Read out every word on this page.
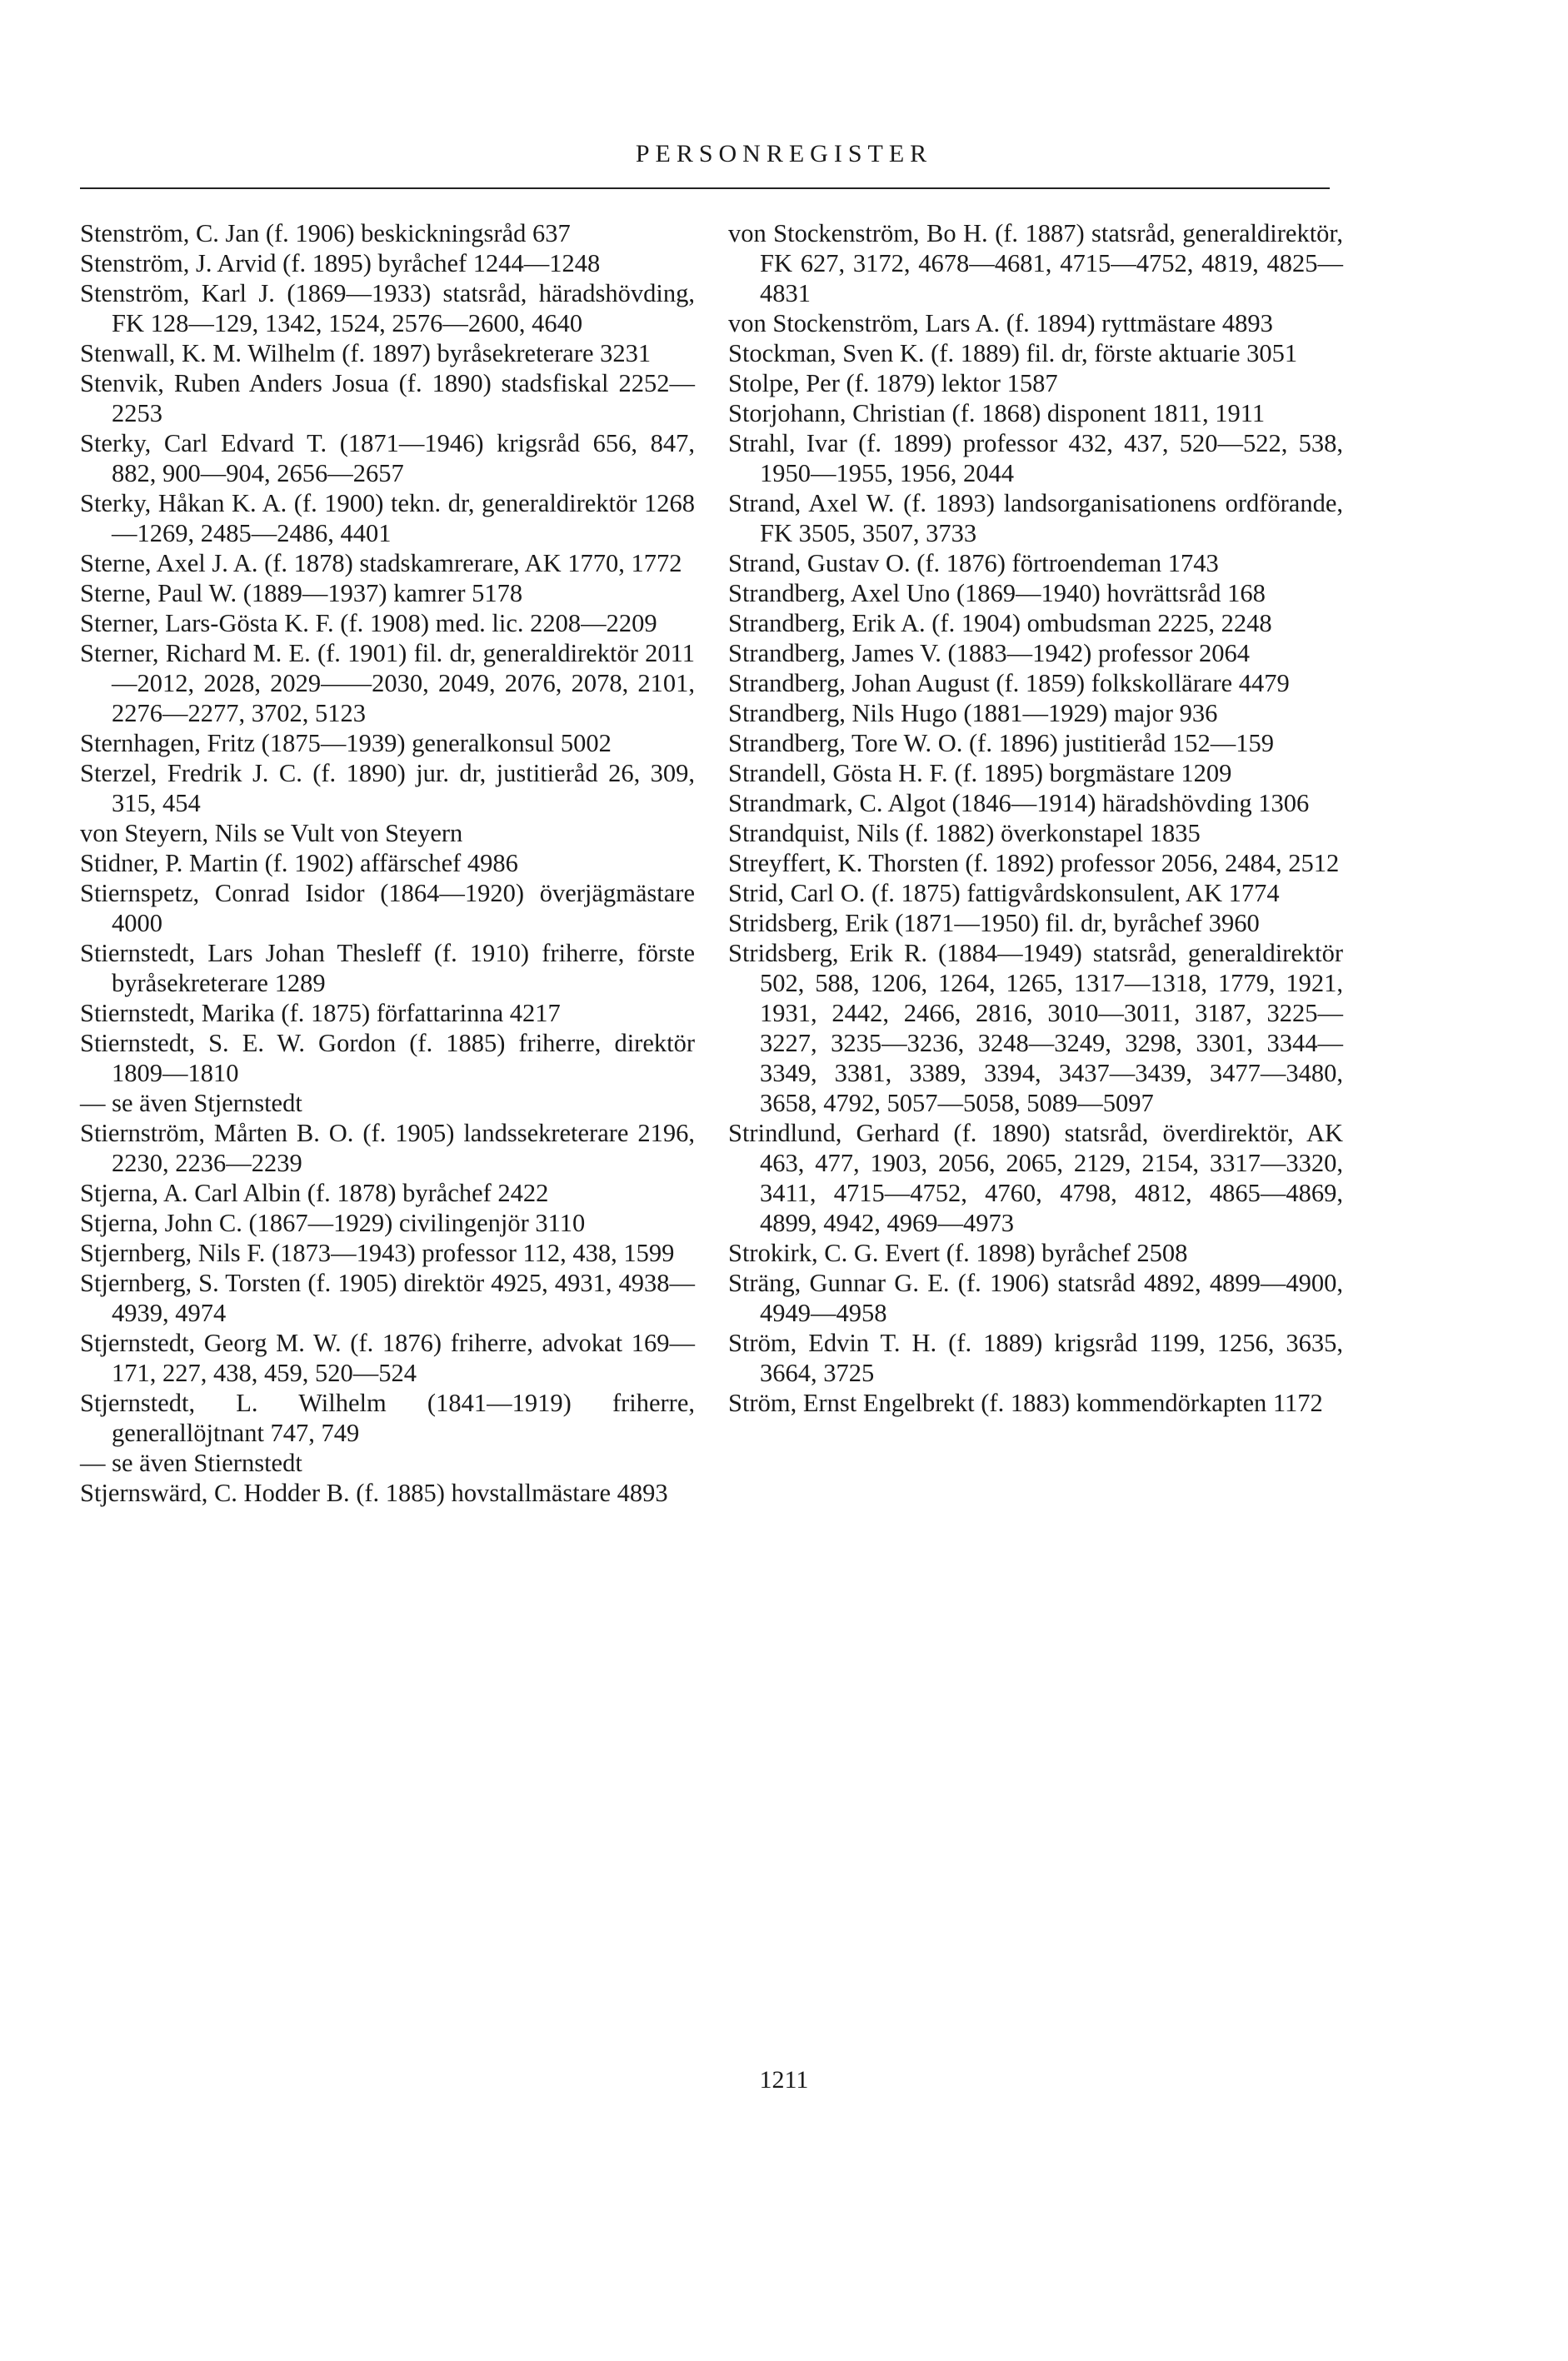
PERSONREGISTER

Stenström, C. Jan (f. 1906) beskickningsråd 637

Stenström, J. Arvid (f. 1895) byråchef 1244—1248

Stenström, Karl J. (1869—1933) statsråd, häradshövding, FK 128—129, 1342, 1524, 2576—2600, 4640

Stenwall, K. M. Wilhelm (f. 1897) byråsekreterare 3231

Stenvik, Ruben Anders Josua (f. 1890) stadsfiskal 2252—2253

Sterky, Carl Edvard T. (1871—1946) krigsråd 656, 847, 882, 900—904, 2656—2657

Sterky, Håkan K. A. (f. 1900) tekn. dr, generaldirektör 1268—1269, 2485—2486, 4401

Sterne, Axel J. A. (f. 1878) stadskamrerare, AK 1770, 1772

Sterne, Paul W. (1889—1937) kamrer 5178

Sterner, Lars-Gösta K. F. (f. 1908) med. lic. 2208—2209

Sterner, Richard M. E. (f. 1901) fil. dr, generaldirektör 2011—2012, 2028, 2029——2030, 2049, 2076, 2078, 2101, 2276—2277, 3702, 5123

Sternhagen, Fritz (1875—1939) generalkonsul 5002

Sterzel, Fredrik J. C. (f. 1890) jur. dr, justitieråd 26, 309, 315, 454

von Steyern, Nils se Vult von Steyern

Stidner, P. Martin (f. 1902) affärschef 4986

Stiernspetz, Conrad Isidor (1864—1920) överjägmästare 4000

Stiernstedt, Lars Johan Thesleff (f. 1910) friherre, förste byråsekreterare 1289

Stiernstedt, Marika (f. 1875) författarinna 4217

Stiernstedt, S. E. W. Gordon (f. 1885) friherre, direktör 1809—1810

— se även Stjernstedt

Stiernström, Mårten B. O. (f. 1905) landssekreterare 2196, 2230, 2236—2239

Stjerna, A. Carl Albin (f. 1878) byråchef 2422

Stjerna, John C. (1867—1929) civilingenjör 3110

Stjernberg, Nils F. (1873—1943) professor 112, 438, 1599

Stjernberg, S. Torsten (f. 1905) direktör 4925, 4931, 4938—4939, 4974

Stjernstedt, Georg M. W. (f. 1876) friherre, advokat 169—171, 227, 438, 459, 520—524

Stjernstedt, L. Wilhelm (1841—1919) friherre, generallöjtnant 747, 749

— se även Stiernstedt

Stjernswärd, C. Hodder B. (f. 1885) hovstallmästare 4893

von Stockenström, Bo H. (f. 1887) statsråd, generaldirektör, FK 627, 3172, 4678—4681, 4715—4752, 4819, 4825—4831

von Stockenström, Lars A. (f. 1894) ryttmästare 4893

Stockman, Sven K. (f. 1889) fil. dr, förste aktuarie 3051

Stolpe, Per (f. 1879) lektor 1587

Storjohann, Christian (f. 1868) disponent 1811, 1911

Strahl, Ivar (f. 1899) professor 432, 437, 520—522, 538, 1950—1955, 1956, 2044

Strand, Axel W. (f. 1893) landsorganisationens ordförande, FK 3505, 3507, 3733

Strand, Gustav O. (f. 1876) förtroendeman 1743

Strandberg, Axel Uno (1869—1940) hovrättsråd 168

Strandberg, Erik A. (f. 1904) ombudsman 2225, 2248

Strandberg, James V. (1883—1942) professor 2064

Strandberg, Johan August (f. 1859) folkskollärare 4479

Strandberg, Nils Hugo (1881—1929) major 936

Strandberg, Tore W. O. (f. 1896) justitieråd 152—159

Strandell, Gösta H. F. (f. 1895) borgmästare 1209

Strandmark, C. Algot (1846—1914) häradshövding 1306

Strandquist, Nils (f. 1882) överkonstapel 1835

Streyffert, K. Thorsten (f. 1892) professor 2056, 2484, 2512

Strid, Carl O. (f. 1875) fattigvårdskonsulent, AK 1774

Stridsberg, Erik (1871—1950) fil. dr, byråchef 3960

Stridsberg, Erik R. (1884—1949) statsråd, generaldirektör 502, 588, 1206, 1264, 1265, 1317—1318, 1779, 1921, 1931, 2442, 2466, 2816, 3010—3011, 3187, 3225—3227, 3235—3236, 3248—3249, 3298, 3301, 3344—3349, 3381, 3389, 3394, 3437—3439, 3477—3480, 3658, 4792, 5057—5058, 5089—5097

Strindlund, Gerhard (f. 1890) statsråd, överdirektör, AK 463, 477, 1903, 2056, 2065, 2129, 2154, 3317—3320, 3411, 4715—4752, 4760, 4798, 4812, 4865—4869, 4899, 4942, 4969—4973

Strokirk, C. G. Evert (f. 1898) byråchef 2508

Sträng, Gunnar G. E. (f. 1906) statsråd 4892, 4899—4900, 4949—4958

Ström, Edvin T. H. (f. 1889) krigsråd 1199, 1256, 3635, 3664, 3725

Ström, Ernst Engelbrekt (f. 1883) kommendörkapten 1172

1211
